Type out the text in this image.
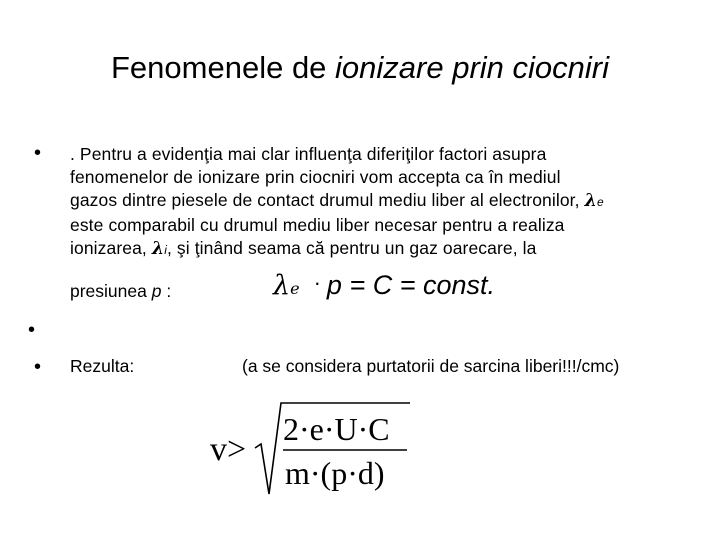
Fenomenele de ionizare prin ciocniri
• . Pentru a evidenţia mai clar influenţa diferiţilor factori asupra
fenomenelor de ionizare prin ciocniri vom accepta ca în mediul
gazos dintre piesele de contact drumul mediu liber al electronilor, λe
este comparabil cu drumul mediu liber necesar pentru a realiza
ionizarea, λi, şi ţinând seama că pentru un gaz oarecare, la
presiunea p :	λe · p = C = const.
•
• Rezulta:	(a se considera purtatorii de sarcina liberi!!!/cmc)
v>
2·e·U·C
m·(p·d)
